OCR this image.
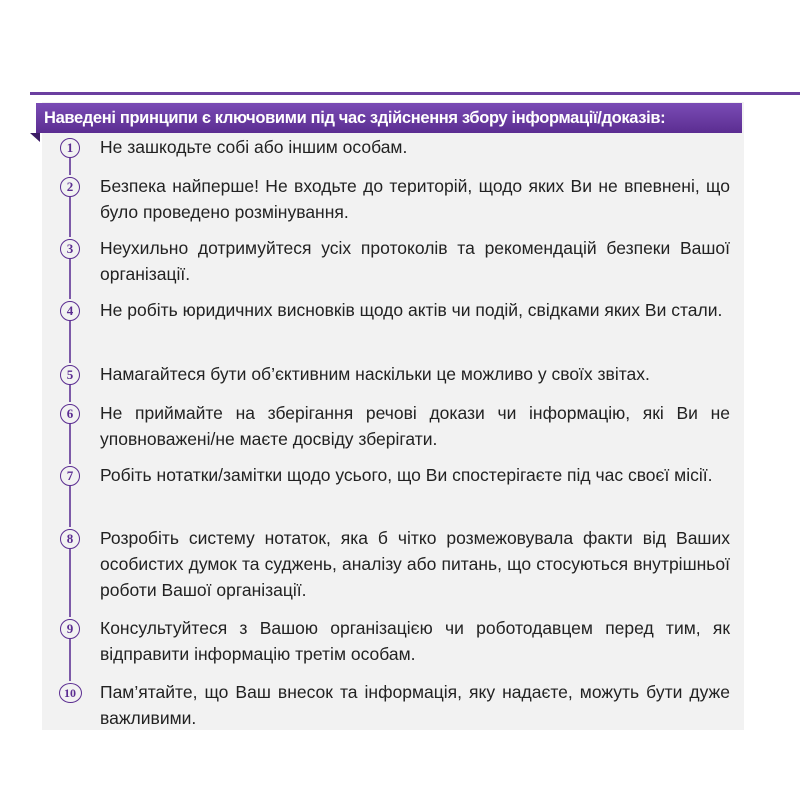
Наведені принципи є ключовими під час здійснення збору інформації/доказів:
1	Не зашкодьте собі або іншим особам.
2	Безпека найперше! Не входьте до територій, щодо яких Ви не впевнені, що було проведено розмінування.
3	Неухильно дотримуйтеся усіх протоколів та рекомендацій безпеки Вашої організації.
4	Не робіть юридичних висновків щодо актів чи подій, свідками яких Ви стали.
5	Намагайтеся бути об’єктивним наскільки це можливо у своїх звітах.
6	Не приймайте на зберігання речові докази чи інформацію, які Ви не уповноважені/не маєте досвіду зберігати.
7	Робіть нотатки/замітки щодо усього, що Ви спостерігаєте під час своєї місії.
8	Розробіть систему нотаток, яка б чітко розмежовувала факти від Ваших особистих думок та суджень, аналізу або питань, що стосуються внутрішньої роботи Вашої організації.
9	Консультуйтеся з Вашою організацією чи роботодавцем перед тим, як відправити інформацію третім особам.
10	Пам’ятайте, що Ваш внесок та інформація, яку надаєте, можуть бути дуже важливими.
